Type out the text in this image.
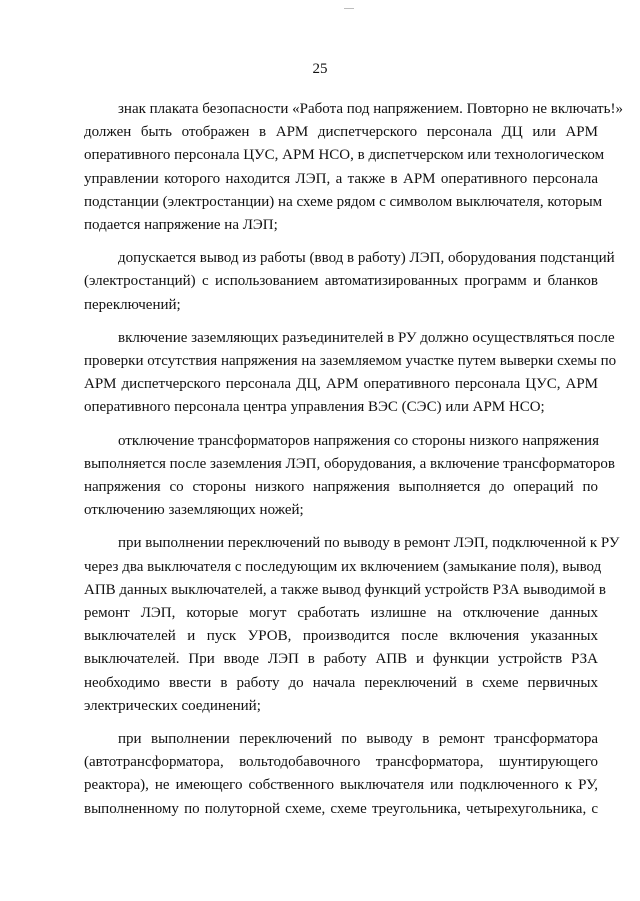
25

знак плаката безопасности «Работа под напряжением. Повторно не включать!»
должен быть отображен в АРМ диспетчерского персонала ДЦ или АРМ
оперативного персонала ЦУС, АРМ НСО, в диспетчерском или технологическом
управлении которого находится ЛЭП, а также в АРМ оперативного персонала
подстанции (электростанции) на схеме рядом с символом выключателя, которым
подается напряжение на ЛЭП;

допускается вывод из работы (ввод в работу) ЛЭП, оборудования подстанций
(электростанций) с использованием автоматизированных программ и бланков
переключений;

включение заземляющих разъединителей в РУ должно осуществляться после
проверки отсутствия напряжения на заземляемом участке путем выверки схемы по
АРМ диспетчерского персонала ДЦ, АРМ оперативного персонала ЦУС, АРМ
оперативного персонала центра управления ВЭС (СЭС) или АРМ НСО;

отключение трансформаторов напряжения со стороны низкого напряжения
выполняется после заземления ЛЭП, оборудования, а включение трансформаторов
напряжения со стороны низкого напряжения выполняется до операций по
отключению заземляющих ножей;

при выполнении переключений по выводу в ремонт ЛЭП, подключенной к РУ
через два выключателя с последующим их включением (замыкание поля), вывод
АПВ данных выключателей, а также вывод функций устройств РЗА выводимой в
ремонт ЛЭП, которые могут сработать излишне на отключение данных
выключателей и пуск УРОВ, производится после включения указанных
выключателей. При вводе ЛЭП в работу АПВ и функции устройств РЗА
необходимо ввести в работу до начала переключений в схеме первичных
электрических соединений;

при выполнении переключений по выводу в ремонт трансформатора
(автотрансформатора, вольтодобавочного трансформатора, шунтирующего
реактора), не имеющего собственного выключателя или подключенного к РУ,
выполненному по полуторной схеме, схеме треугольника, четырехугольника, с
